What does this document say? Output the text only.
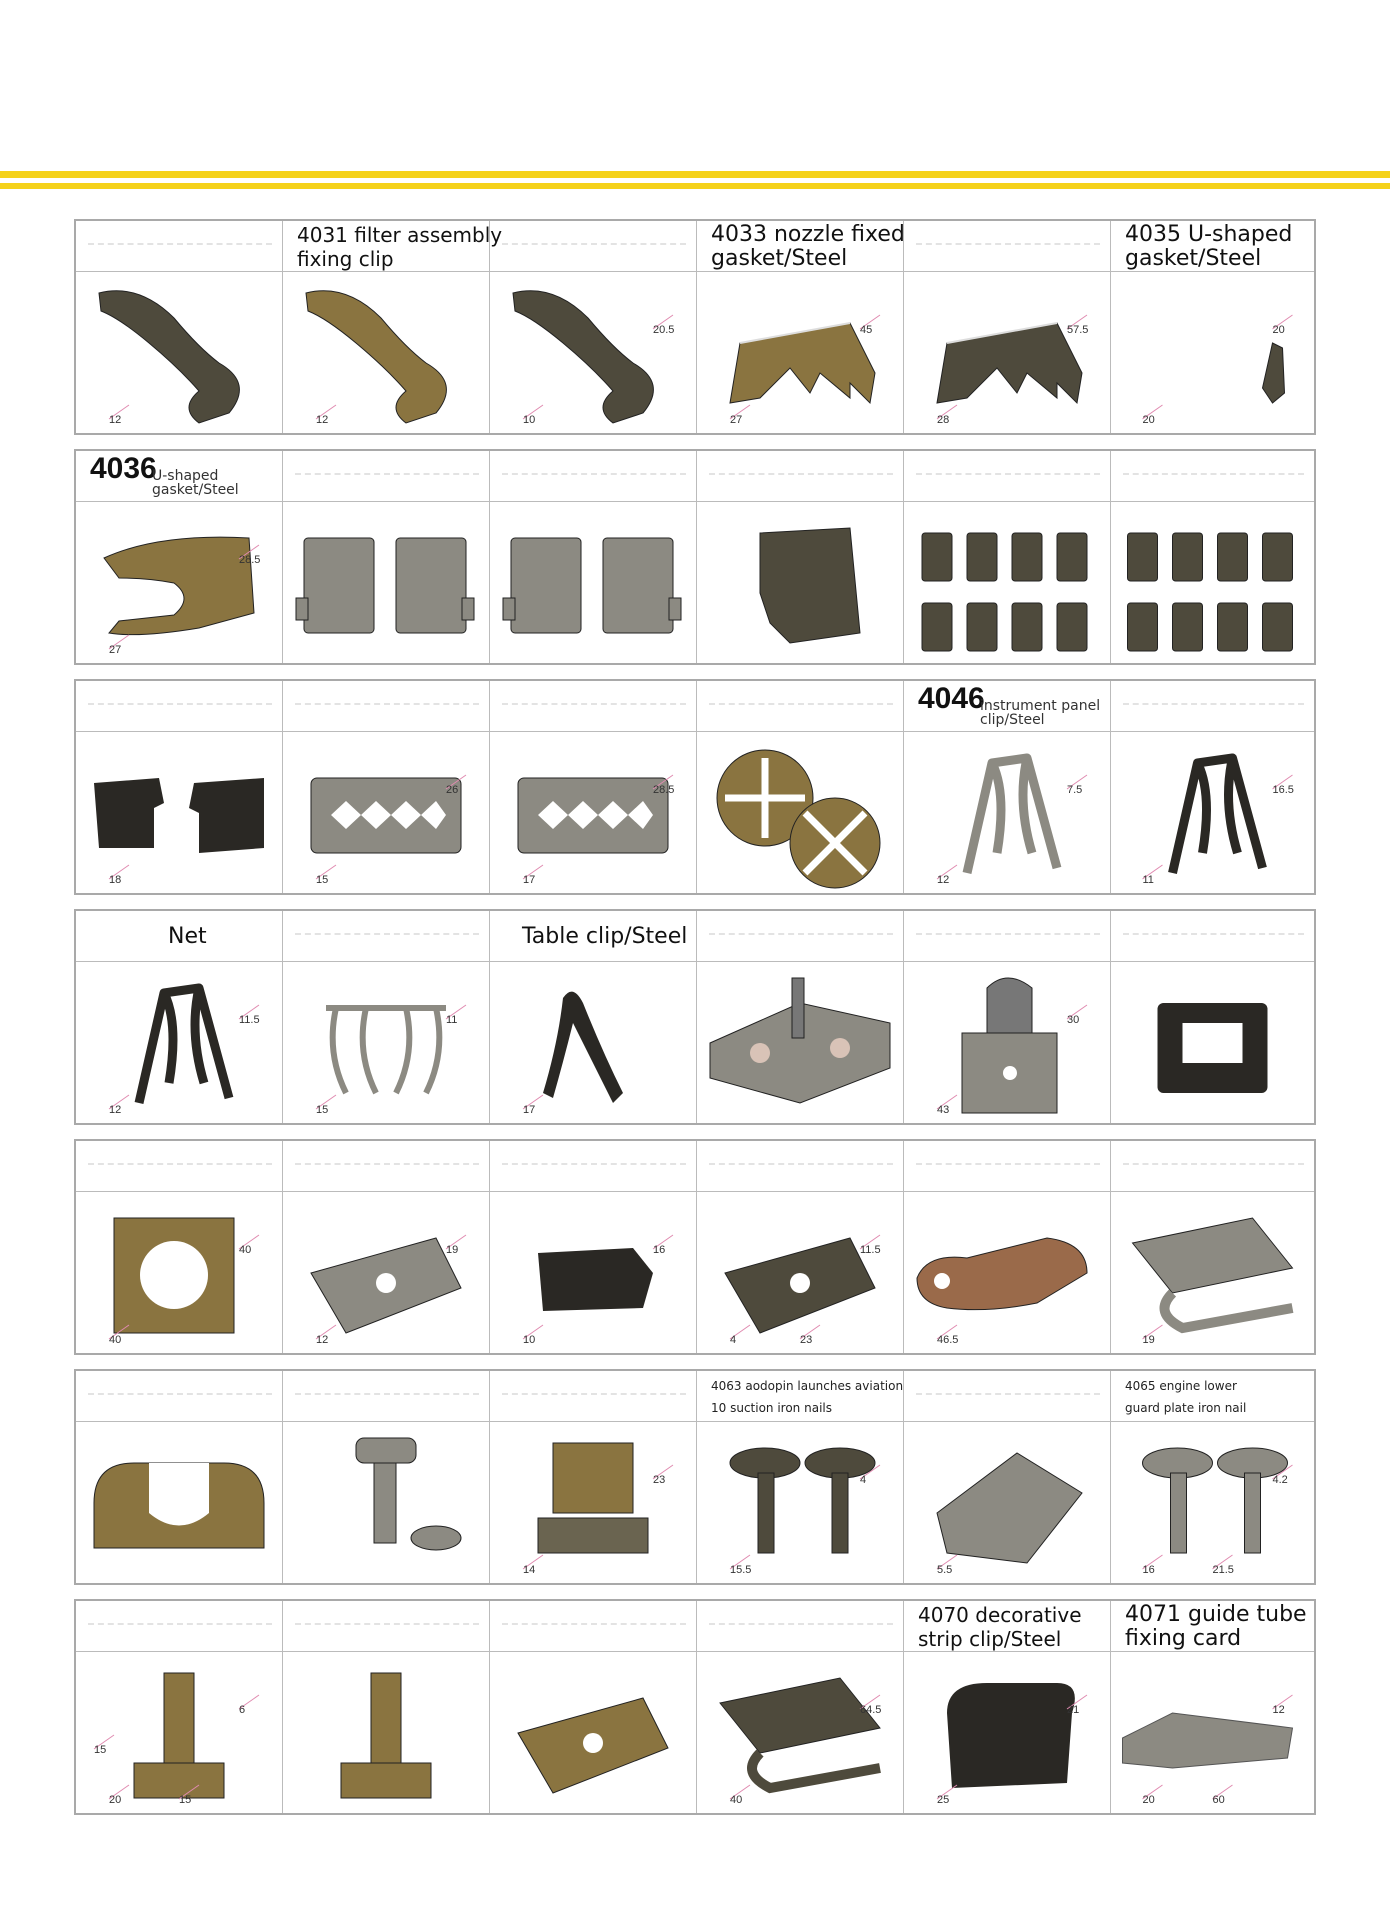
12
4031 filter assembly
fixing clip
12	10
20.5
4033 nozzle fixed
gasket/Steel
27
45
28
57.5
4035 U-shaped
gasket/Steel
20
20
4036
U-shaped
gasket/Steel
27
28.5
18	15
26
17
28.5
4046
instrument panel
clip/Steel
12
7.5
11
16.5
Net
12
11.5
15
11
Table clip/Steel
17	43
30
40
40
12
19
10
16
4
11.5
23	46.5	19
14
23
4063 aodopin launches aviation
10 suction iron nails
15.5
4
5.5
4065 engine lower
guard plate iron nail
16
4.2
21.5
20
6
15
15
40
64.5
4070 decorative
strip clip/Steel
25
21
4071 guide tube
fixing card
20
12
60
